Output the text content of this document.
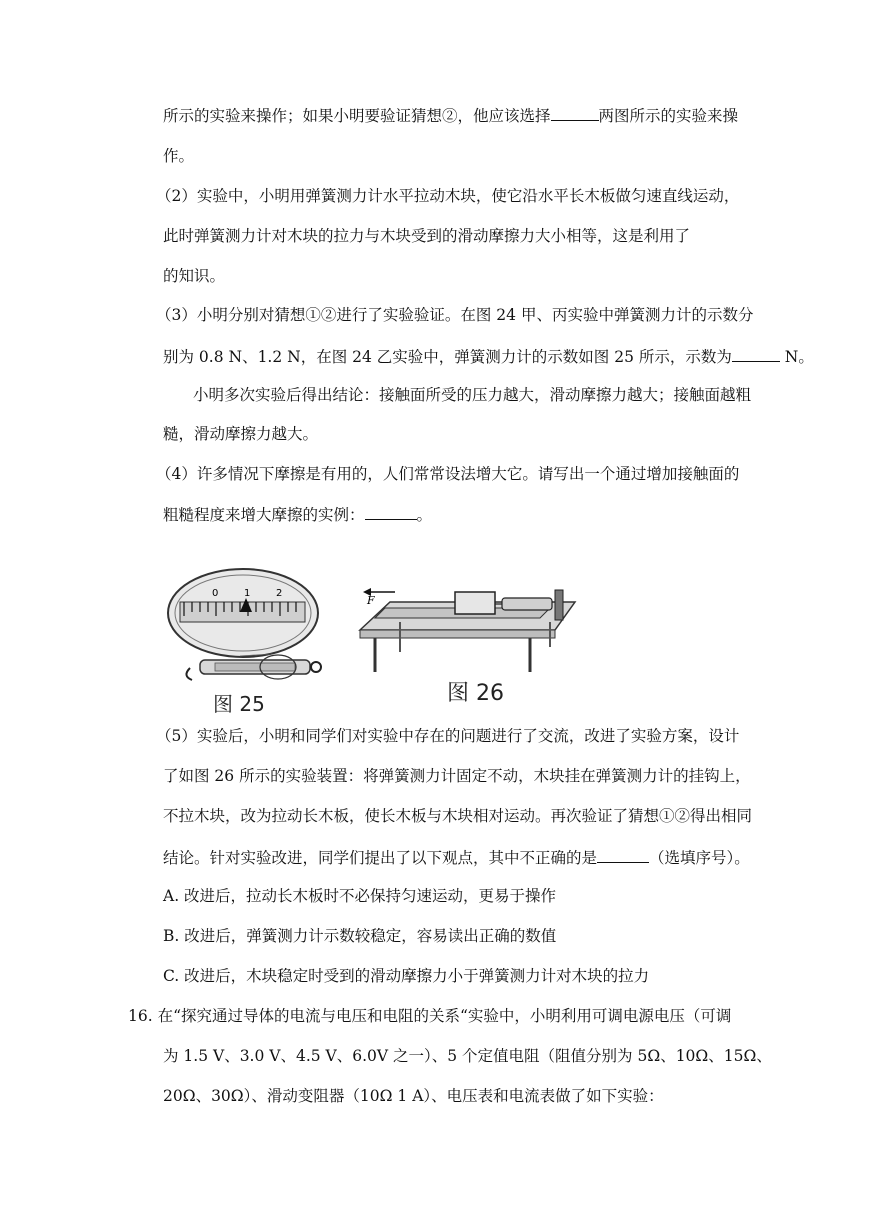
所示的实验来操作；如果小明要验证猜想②，他应该选择	两图所示的实验来操
作。
（2）实验中，小明用弹簧测力计水平拉动木块，使它沿水平长木板做匀速直线运动，
此时弹簧测力计对木块的拉力与木块受到的滑动摩擦力大小相等，这是利用了
的知识。
（3）小明分别对猜想①②进行了实验验证。在图 24 甲、丙实验中弹簧测力计的示数分
别为 0.8 N、1.2 N，在图 24 乙实验中，弹簧测力计的示数如图 25 所示，示数为	N。
小明多次实验后得出结论：接触面所受的压力越大，滑动摩擦力越大；接触面越粗
糙，滑动摩擦力越大。
（4）许多情况下摩擦是有用的，人们常常设法增大它。请写出一个通过增加接触面的
粗糙程度来增大摩擦的实例：	。
0	1	2
图 25
F
图 26
（5）实验后，小明和同学们对实验中存在的问题进行了交流，改进了实验方案，设计
了如图 26 所示的实验装置：将弹簧测力计固定不动，木块挂在弹簧测力计的挂钩上，
不拉木块，改为拉动长木板，使长木板与木块相对运动。再次验证了猜想①②得出相同
结论。针对实验改进，同学们提出了以下观点，其中不正确的是	（选填序号）。
A. 改进后，拉动长木板时不必保持匀速运动，更易于操作
B. 改进后，弹簧测力计示数较稳定，容易读出正确的数值
C. 改进后，木块稳定时受到的滑动摩擦力小于弹簧测力计对木块的拉力
16. 在“探究通过导体的电流与电压和电阻的关系“实验中，小明利用可调电源电压（可调
为 1.5 V、3.0 V、4.5 V、6.0V 之一）、5 个定值电阻（阻值分别为 5Ω、10Ω、15Ω、
20Ω、30Ω）、滑动变阻器（10Ω 1 A）、电压表和电流表做了如下实验：
